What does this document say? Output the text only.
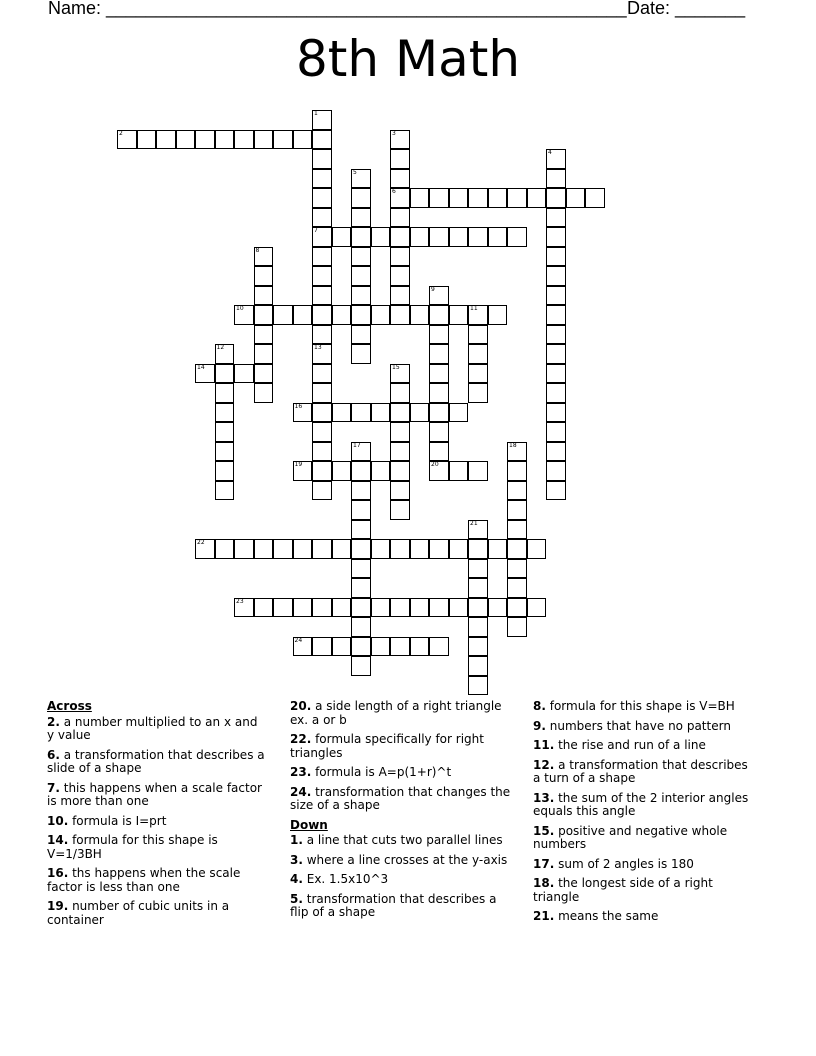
Name: ____________________________________________________ Date: _______
8th Math
1
7
13
2	3
6
4
5
8
9
10	11
12
14	15
16
17	18
19	20
21
22
23
24
Across
2. a number multiplied to an x and y value
6. a transformation that describes a slide of a shape
7. this happens when a scale factor is more than one
10. formula is I=prt
14. formula for this shape is V=1/3BH
16. ths happens when the scale factor is less than one
19. number of cubic units in a container
20. a side length of a right triangle ex. a or b
22. formula specifically for right triangles
23. formula is A=p(1+r)^t
24. transformation that changes the size of a shape
Down
1. a line that cuts two parallel lines
3. where a line crosses at the y-axis
4. Ex. 1.5x10^3
5. transformation that describes a flip of a shape
8. formula for this shape is V=BH
9. numbers that have no pattern
11. the rise and run of a line
12. a transformation that describes a turn of a shape
13. the sum of the 2 interior angles equals this angle
15. positive and negative whole numbers
17. sum of 2 angles is 180
18. the longest side of a right triangle
21. means the same
